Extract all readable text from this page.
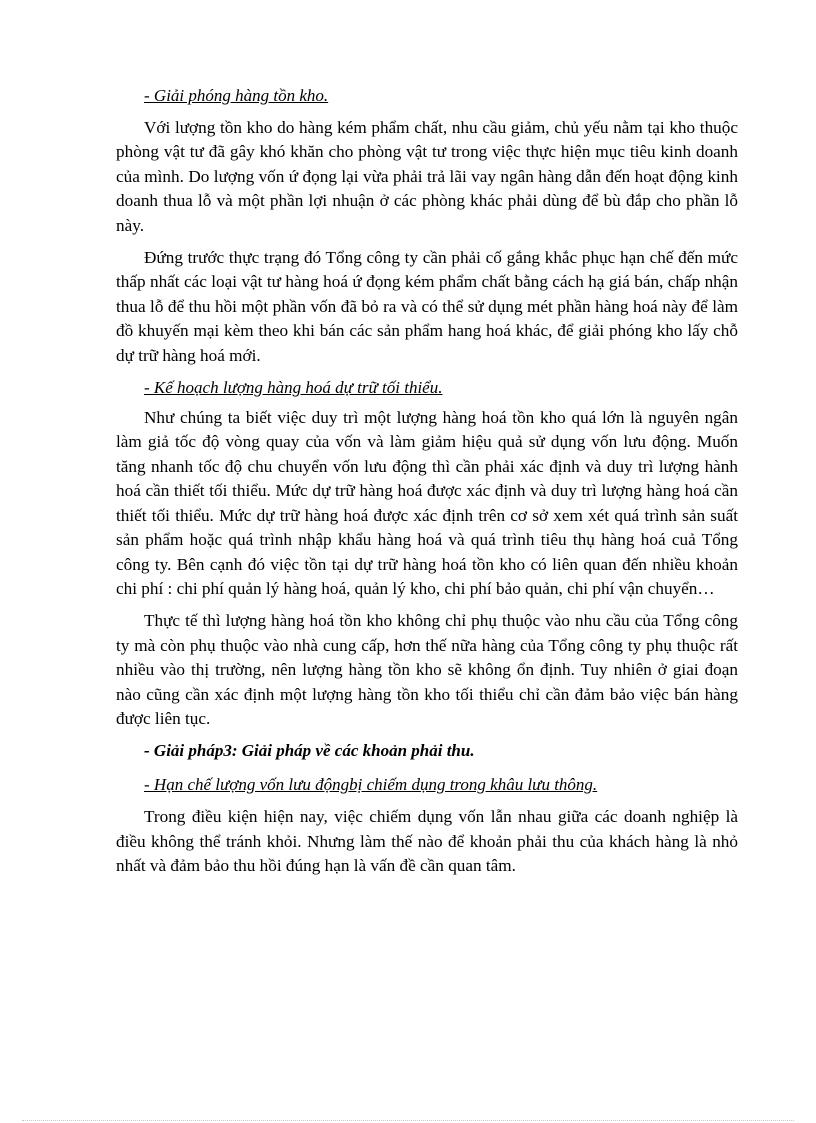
- Giải phóng hàng tồn kho.

Với lượng tồn kho do hàng kém phẩm chất, nhu cầu giảm, chủ yếu nằm tại kho thuộc phòng vật tư đã gây khó khăn cho phòng vật tư trong việc thực hiện mục tiêu kinh doanh của mình. Do lượng vốn ứ đọng lại vừa phải trả lãi vay ngân hàng dẫn đến hoạt động kinh doanh thua lỗ và một phần lợi nhuận ở các phòng khác phải dùng để bù đắp cho phần lỗ này.

Đứng trước thực trạng đó Tổng công ty cần phải cố gắng khắc phục hạn chế đến mức thấp nhất các loại vật tư hàng hoá ứ đọng kém phẩm chất bằng cách hạ giá bán, chấp nhận thua lỗ để thu hồi một phần vốn đã bỏ ra và có thể sử dụng mét phần hàng hoá này để làm đồ khuyến mại kèm theo khi bán các sản phẩm hang hoá khác, để giải phóng kho lấy chỗ dự trữ hàng hoá mới.

- Kế hoạch lượng hàng hoá dự trữ tối thiểu.

Như chúng ta biết việc duy trì một lượng hàng hoá tồn kho quá lớn là nguyên ngân làm giả tốc độ vòng quay của vốn và làm giảm hiệu quả sử dụng vốn lưu động. Muốn tăng nhanh tốc độ chu chuyển vốn lưu động thì cần phải xác định và duy trì lượng hành hoá cần thiết tối thiểu. Mức dự trữ hàng hoá được xác định và duy trì lượng hàng hoá cần thiết tối thiểu. Mức dự trữ hàng hoá được xác định trên cơ sở xem xét quá trình sản suất sản phẩm hoặc quá trình nhập khẩu hàng hoá và quá trình tiêu thụ hàng hoá cuả Tổng công ty. Bên cạnh đó việc tồn tại dự trữ hàng hoá tồn kho có liên quan đến nhiều khoản chi phí : chi phí quản lý hàng hoá, quản lý kho, chi phí bảo quản, chi phí vận chuyển…

Thực tế thì lượng hàng hoá tồn kho không chỉ phụ thuộc vào nhu cầu của Tổng công ty mà còn phụ thuộc vào nhà cung cấp, hơn thế nữa hàng của Tổng công ty phụ thuộc rất nhiều vào thị trường, nên lượng hàng tồn kho sẽ không ổn định. Tuy nhiên ở giai đoạn nào cũng cần xác định một lượng hàng tồn kho tối thiểu chỉ cần đảm bảo việc bán hàng được liên tục.

- Giải pháp3: Giải pháp về các khoản phải thu.

- Hạn chế lượng vốn lưu độngbị chiếm dụng trong khâu lưu thông.

Trong điều kiện hiện nay, việc chiếm dụng vốn lẫn nhau giữa các doanh nghiệp là điều không thể tránh khỏi. Nhưng làm thế nào để khoản phải thu của khách hàng là nhỏ nhất và đảm bảo thu hồi đúng hạn là vấn đề cần quan tâm.
